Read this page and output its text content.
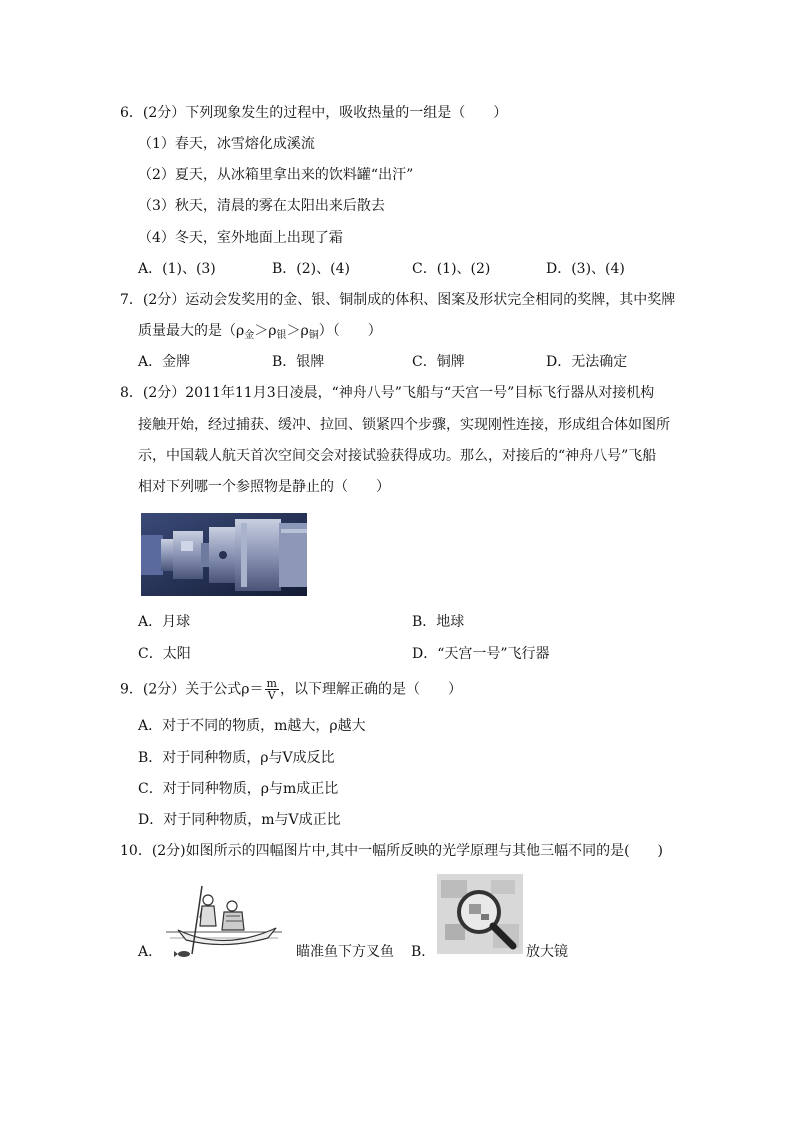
6．(2分）下列现象发生的过程中，吸收热量的一组是（　　）
（1）春天，冰雪熔化成溪流
（2）夏天，从冰箱里拿出来的饮料罐“出汗”
（3）秋天，清晨的雾在太阳出来后散去
（4）冬天，室外地面上出现了霜
A．(1)、(3)	B．(2)、(4)	C．(1)、(2)	D．(3)、(4)
7．(2分）运动会发奖用的金、银、铜制成的体积、图案及形状完全相同的奖牌，其中奖牌
质量最大的是$(\rho_金>\rho_银>\rho_铜)$（　　）
A．金牌	B．银牌	C．铜牌	D．无法确定
8．(2分）2011年11月3日凌晨，“神舟八号”飞船与“天宫一号”目标飞行器从对接机构
接触开始，经过捕获、缓冲、拉回、锁紧四个步骤，实现刚性连接，形成组合体如图所
示，中国载人航天首次空间交会对接试验获得成功。那么，对接后的“神舟八号”飞船
相对下列哪一个参照物是静止的（　　）
A．月球	B．地球
C．太阳	D．“天宫一号”飞行器
9．(2分）关于公式$\rho= \frac{m}{V}$ ，以下理解正确的是（　　）
A．对于不同的物质，m越大，ρ越大
B．对于同种物质，ρ与V成反比
C．对于同种物质，ρ与m成正比
D．对于同种物质，m与V成正比
10．(2分)如图所示的四幅图片中,其中一幅所反映的光学原理与其他三幅不同的是(　　)
A．	瞄准鱼下方叉鱼 B．	放大镜
